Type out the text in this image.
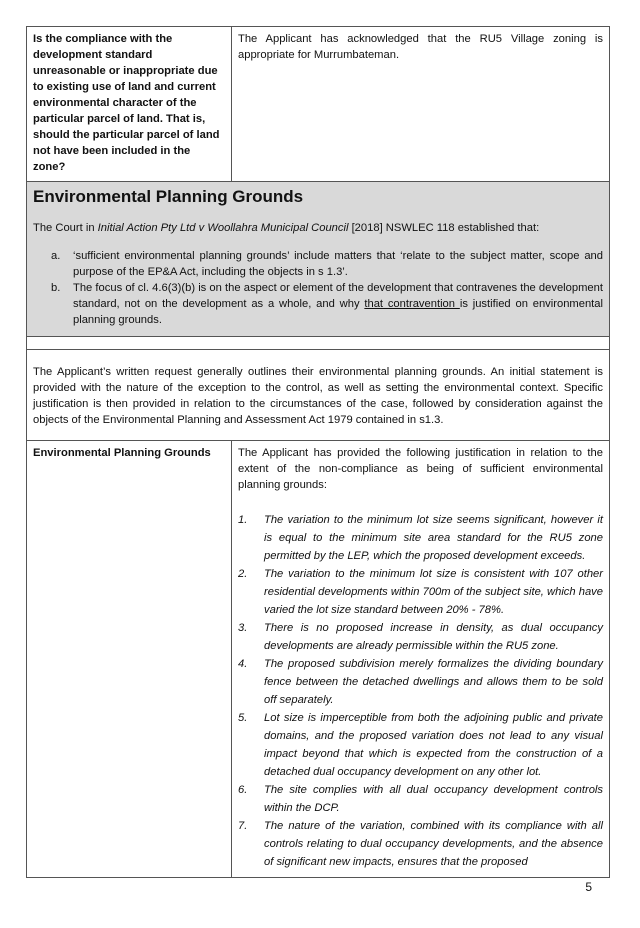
Is the compliance with the development standard unreasonable or inappropriate due to existing use of land and current environmental character of the particular parcel of land. That is, should the particular parcel of land not have been included in the zone?	The Applicant has acknowledged that the RU5 Village zoning is appropriate for Murrumbateman.
Environmental Planning Grounds

The Court in Initial Action Pty Ltd v Woollahra Municipal Council [2018] NSWLEC 118 established that:

a. ‘sufficient environmental planning grounds’ include matters that ‘relate to the subject matter, scope and purpose of the EP&A Act, including the objects in s 1.3’.
b. The focus of cl. 4.6(3)(b) is on the aspect or element of the development that contravenes the development standard, not on the development as a whole, and why that contravention is justified on environmental planning grounds.
The Applicant’s written request generally outlines their environmental planning grounds. An initial statement is provided with the nature of the exception to the control, as well as setting the environmental context. Specific justification is then provided in relation to the circumstances of the case, followed by consideration against the objects of the Environmental Planning and Assessment Act 1979 contained in s1.3.
Environmental Planning Grounds	The Applicant has provided the following justification in relation to the extent of the non-compliance as being of sufficient environmental planning grounds:
1. The variation to the minimum lot size seems significant, however it is equal to the minimum site area standard for the RU5 zone permitted by the LEP, which the proposed development exceeds.
2. The variation to the minimum lot size is consistent with 107 other residential developments within 700m of the subject site, which have varied the lot size standard between 20% - 78%.
3. There is no proposed increase in density, as dual occupancy developments are already permissible within the RU5 zone.
4. The proposed subdivision merely formalizes the dividing boundary fence between the detached dwellings and allows them to be sold off separately.
5. Lot size is imperceptible from both the adjoining public and private domains, and the proposed variation does not lead to any visual impact beyond that which is expected from the construction of a detached dual occupancy development on any other lot.
6. The site complies with all dual occupancy development controls within the DCP.
7. The nature of the variation, combined with its compliance with all controls relating to dual occupancy developments, and the absence of significant new impacts, ensures that the proposed
5
